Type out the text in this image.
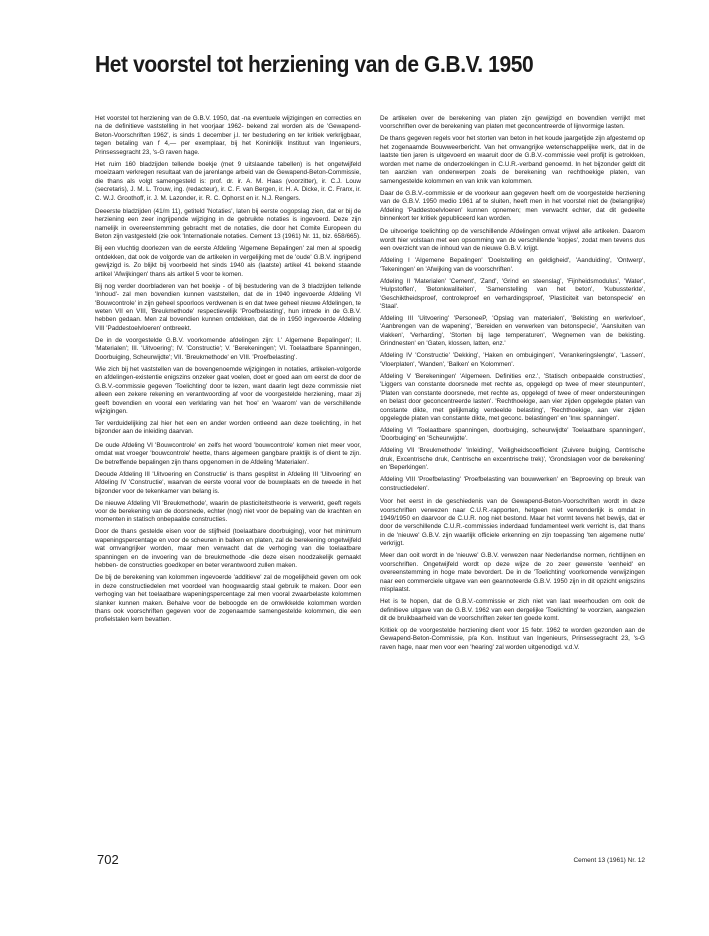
Het voorstel tot herziening van de G.B.V. 1950

Het voorstel tot herziening van de G.B.V. 1950, dat -na eventuele wijzigingen en correcties en na de definitieve vaststelling in het voorjaar 1962- bekend zal worden als de 'Gewapend-Beton-Voorschriften 1962', is sinds 1 december j.l. ter bestudering en ter kritiek verkrijgbaar, tegen betaling van f 4,— per exemplaar, bij het Koninklijk Instituut van Ingenieurs, Prinsessegracht 23, 's-G raven hage.

Het ruim 160 bladzijden tellende boekje (met 9 uitslaande tabellen) is het ongetwijfeld moeizaam verkregen resultaat van de jarenlange arbeid van de Gewapend-Beton-Commissie, die thans als volgt samengesteld is: prof. dr. ir. A. M. Haas (voorzitter), ir. C.J. Louw (secretaris), J. M. L. Trouw, ing. (redacteur), ir. C. F. van Bergen, ir. H. A. Dicke, ir. C. Franx, ir. C. W.J. Groothoff, ir. J. M. Lazonder, ir. R. C. Ophorst en ir. N.J. Rengers.

Deeerste bladzijden (41/m 11), getiteld 'Notaties', laten bij eerste oogopslag zien, dat er bij de herziening een zeer ingrijpende wijziging in de gebruikte notaties is ingevoerd. Deze zijn namelijk in overeenstemming gebracht met de notaties, die door het Comite Europeen du Beton zijn vastgesteld (zie ook 'Internationale notaties. Cement 13 (1961) Nr. 11, biz. 658/665).

Bij een vluchtig doorlezen van de eerste Afdeling 'Algemene Bepalingen' zal men al spoedig ontdekken, dat ook de volgorde van de artikelen in vergelijking met de 'oude' G.B.V. ingrijpend gewijzigd is. Zo blijkt bij voorbeeld het sinds 1940 als (laatste) artikel 41 bekend staande artikel 'Afwijkingen' thans als artikel 5 voor te komen.

Bij nog verder doorbladeren van het boekje - of bij bestudering van de 3 bladzijden tellende 'Inhoud'- zal men bovendien kunnen vaststellen, dat de in 1940 ingevoerde Afdeling VI 'Bouwcontrole' in zijn geheel spoorloos verdwenen is en dat twee geheel nieuwe Afdelingen, te weten VII en VIII, 'Breukmethode' respectievelijk 'Proefbelasting', hun intrede in de G.B.V. hebben gedaan. Men zal bovendien kunnen ontdekken, dat de in 1950 ingevoerde Afdeling VIII 'Paddestoelvloeren' ontbreekt.

De in de voorgestelde G.B.V. voorkomende afdelingen zijn: I.' Algemene Bepalingen'; II. 'Materialen'; III. 'Uitvoering'; IV. 'Constructie'; V. 'Berekeningen'; VI. Toelaatbare Spanningen, Doorbuiging, Scheurwijdte'; VII. 'Breukmethode' en VIII. 'Proefbelasting'.

Wie zich bij het vaststellen van de bovengenoemde wijzigingen in notaties, artikelen-volgorde en afdelingen-existentie enigszins onzeker gaat voelen, doet er goed aan om eerst de door de G.B.V.-commissie gegeven 'Toelichting' door te lezen, want daarin legt deze commissie niet alleen een zekere rekening en verantwoording af voor de voorgestelde herziening, maar zij geeft bovendien en vooral een verklaring van het 'hoe' en 'waarom' van de verschillende wijzigingen.

Ter verduidelijking zal hier het een en ander worden ontleend aan deze toelichting, in het bijzonder aan de inleiding daarvan.

De oude Afdeling VI 'Bouwcontrole' en zelfs het woord 'bouwcontrole' komen niet meer voor, omdat wat vroeger 'bouwcontrole' heette, thans algemeen gangbare praktijk is of dient te zijn. De betreffende bepalingen zijn thans opgenomen in de Afdeling 'Materialen'.

Deoude Afdeling III 'Uitvoering en Constructie' is thans gesplitst in Afdeling III 'Uitvoering' en Afdeling IV 'Constructie', waarvan de eerste vooral voor de bouwplaats en de tweede in het bijzonder voor de tekenkamer van belang is.

De nieuwe Afdeling VII 'Breukmethode', waarin de plasticiteitstheorie is verwerkt, geeft regels voor de berekening van de doorsnede, echter (nog) niet voor de bepaling van de krachten en momenten in statisch onbepaalde constructies.

Door de thans gestelde eisen voor de stijfheid (toelaatbare doorbuiging), voor het minimum wapeningspercentage en voor de scheuren in balken en platen, zal de berekening ongetwijfeld wat omvangrijker worden, maar men verwacht dat de verhoging van die toelaatbare spanningen en de invoering van de breukmethode -die deze eisen noodzakelijk gemaakt hebben- de constructies goedkoper en beter verantwoord zullen maken.

De bij de berekening van kolommen ingevoerde 'additieve' zal de mogelijkheid geven om ook in deze constructiedelen met voordeel van hoogwaardig staal gebruik te maken. Door een verhoging van het toelaatbare wapeningspercentage zal men vooral zwaarbelaste kolommen slanker kunnen maken. Behalve voor de beboogde en de omwikkelde kolommen worden thans ook voorschriften gegeven voor de zogenaamde samengestelde kolommen, die een profielstalen kern bevatten.

De artikelen over de berekening van platen zijn gewijzigd en bovendien verrijkt met voorschriften over de berekening van platen met geconcentreerde of lijnvormige lasten.

De thans gegeven regels voor het storten van beton in het koude jaargetijde zijn afgestemd op het zogenaamde Bouwweerbericht. Van het omvangrijke wetenschappelijke werk, dat in de laatste tien jaren is uitgevoerd en waaruit door de G.B.V.-commissie veel profijt is getrokken, worden met name de onderzoekingen in C.U.R.-verband genoemd. In het bijzonder geldt dit ten aanzien van onderwerpen zoals de berekening van rechthoekige platen, van samengestelde kolommen en van knik van kolommen.

Daar de G.B.V.-commissie er de voorkeur aan gegeven heeft om de voorgestelde herziening van de G.B.V. 1950 medio 1961 af te sluiten, heeft men in het voorstel niet de (belangrijke) Afdeling 'Paddestoelvloeren' kunnen opnemen; men verwacht echter, dat dit gedeelte binnenkort ter kritiek gepubliceerd kan worden.

De uitvoerige toelichting op de verschillende Afdelingen omvat vrijwel alle artikelen. Daarom wordt hier volstaan met een opsomming van de verschillende 'kopjes', zodat men tevens dus een overzicht van de inhoud van de nieuwe G.B.V. krijgt.

Afdeling I 'Algemene Bepalingen' 'Doelstelling en geldigheid', 'Aanduiding', 'Ontwerp', 'Tekeningen' en 'Afwijking van de voorschriften'.

Afdeling II 'Materialen' 'Cement', 'Zand', 'Grind en steenslag', 'Fijnheidsmodulus', 'Water', 'Hulpstoffen', 'Betonkwaliteiten', 'Samenstelling van het beton', 'Kubussterkte', 'Geschiktheidsproef, controleproef en verhardingsproef, 'Plasticiteit van betonspecie' en 'Staal'.

Afdeling III 'Uitvoering' 'PersoneeP, 'Opslag van materialen', 'Bekisting en werkvloer', 'Aanbrengen van de wapening', 'Bereiden en verwerken van betonspecie', 'Aansluiten van vlakken', 'Verharding', 'Storten bij lage temperaturen', 'Wegnemen van de bekisting. Grindnesten' en 'Gaten, klossen, latten, enz.'

Afdeling IV 'Constructie' 'Dekking', 'Haken en ombuigingen', 'Verankeringslengte', 'Lassen', 'Vloerplaten', 'Wanden', 'Balken' en 'Kolommen'.

Afdeling V 'Berekeningen' 'Algemeen. Definities enz.', 'Statisch onbepaalde constructies', 'Liggers van constante doorsnede met rechte as, opgelegd op twee of meer steunpunten', 'Platen van constante doorsnede, met rechte as, opgelegd of twee of meer ondersteuningen en belast door geconcentreerde lasten'. 'Rechthoekige, aan vier zijden opgelegde platen van constante dikte, met gelijkmatig verdeelde belasting', 'Rechthoekige, aan vier zijden opgelegde platen van constante dikte, met geconc. belastingen' en 'Inw. spanningen'.

Afdeling VI 'Toelaatbare spanningen, doorbuiging, scheurwijdte' Toelaatbare spanningen', 'Doorbuiging' en 'Scheurwijdte'.

Afdeling VII 'Breukmethode' 'Inleiding', 'Veiligheidscoefficient (Zuivere buiging, Centrische druk, Excentrische druk, Centrische en excentrische trek)', 'Grondslagen voor de berekening' en 'Beperkingen'.

Afdeling VIII 'Proefbelasting' 'Proefbelasting van bouwwerken' en 'Beproeving op breuk van constructiedelen'.

Voor het eerst in de geschiedenis van de Gewapend-Beton-Voorschriften wordt in deze voorschriften verwezen naar C.U.R.-rapporten, hetgeen niet verwonderlijk is omdat in 1949/1950 en daarvoor de C.U.R. nog niet bestond. Maar het vormt tevens het bewijs, dat er door de verschillende C.U.R.-commissies inderdaad fundamenteel werk verricht is, dat thans in de 'nieuwe' G.B.V. zijn waarlijk officiele erkenning en zijn toepassing 'ten algemene nutte' verkrijgt.

Meer dan ooit wordt in de 'nieuwe' G.B.V. verwezen naar Nederlandse normen, richtlijnen en voorschriften. Ongetwijfeld wordt op deze wijze de zo zeer gewenste 'eenheid' en overeenstemming in hoge mate bevordert. De in de 'Toelichting' voorkomende verwijzingen naar een commerciele uitgave van een geannoteerde G.B.V. 1950 zijn in dit opzicht enigszins misplaatst.

Het is te hopen, dat de G.B.V.-commissie er zich niet van laat weerhouden om ook de definitieve uitgave van de G.B.V. 1962 van een dergelijke 'Toelichting' te voorzien, aangezien dit de bruikbaarheid van de voorschriften zeker ten goede komt.

Kritiek op de voorgestelde herziening dient voor 15 febr. 1962 te worden gezonden aan de Gewapend-Beton-Commissie, p/a Kon. Instituut van Ingenieurs, Prinsessegracht 23, 's-G raven hage, naar men voor een 'hearing' zal worden uitgenodigd. v.d.V.

702	Cement 13 (1961) Nr. 12
